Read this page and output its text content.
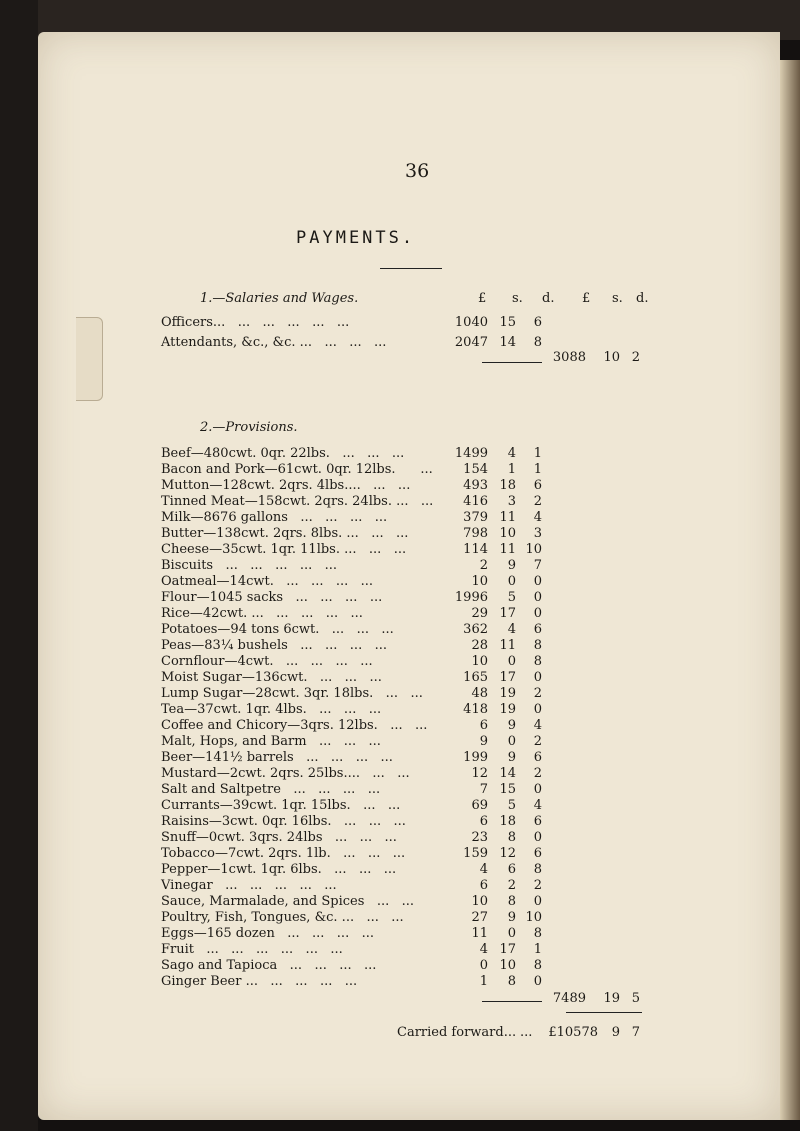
36
PAYMENTS.
1.—Salaries and Wages.	£ s. d. £ s. d.
Officers...   ...   ...   ...   ...   ...	1040 15	6
Attendants, &c., &c. ...   ...   ...   ...	2047 14	8
3088	10 2
2.—Provisions.
Beef—480cwt. 0qr. 22lbs.   ...   ...   ...	1499	4	1
Bacon and Pork—61cwt. 0qr. 12lbs.      ...	154	1	1
Mutton—128cwt. 2qrs. 4lbs....   ...   ...	493 18	6
Tinned Meat—158cwt. 2qrs. 24lbs. ...   ...	416	3	2
Milk—8676 gallons   ...   ...   ...   ...	379 11	4
Butter—138cwt. 2qrs. 8lbs. ...   ...   ...	798 10	3
Cheese—35cwt. 1qr. 11lbs. ...   ...   ...	114 11 10
Biscuits   ...   ...   ...   ...   ...	2	9	7
Oatmeal—14cwt.   ...   ...   ...   ...	10	0	0
Flour—1045 sacks   ...   ...   ...   ...	1996	5	0
Rice—42cwt. ...   ...   ...   ...   ...	29 17	0
Potatoes—94 tons 6cwt.   ...   ...   ...	362	4	6
Peas—83¼ bushels   ...   ...   ...   ...	28 11	8
Cornflour—4cwt.   ...   ...   ...   ...	10	0	8
Moist Sugar—136cwt.   ...   ...   ...	165 17	0
Lump Sugar—28cwt. 3qr. 18lbs.   ...   ...	48 19	2
Tea—37cwt. 1qr. 4lbs.   ...   ...   ...	418 19	0
Coffee and Chicory—3qrs. 12lbs.   ...   ...	6	9	4
Malt, Hops, and Barm   ...   ...   ...	9	0	2
Beer—141½ barrels   ...   ...   ...   ...	199	9	6
Mustard—2cwt. 2qrs. 25lbs....   ...   ...	12 14	2
Salt and Saltpetre   ...   ...   ...   ...	7 15	0
Currants—39cwt. 1qr. 15lbs.   ...   ...	69	5	4
Raisins—3cwt. 0qr. 16lbs.   ...   ...   ...	6 18	6
Snuff—0cwt. 3qrs. 24lbs   ...   ...   ...	23	8	0
Tobacco—7cwt. 2qrs. 1lb.   ...   ...   ...	159 12	6
Pepper—1cwt. 1qr. 6lbs.   ...   ...   ...	4	6	8
Vinegar   ...   ...   ...   ...   ...	6	2	2
Sauce, Marmalade, and Spices   ...   ...	10	8	0
Poultry, Fish, Tongues, &c. ...   ...   ...	27	9 10
Eggs—165 dozen   ...   ...   ...   ...	11	0	8
Fruit   ...   ...   ...   ...   ...   ...	4 17	1
Sago and Tapioca   ...   ...   ...   ...	0 10	8
Ginger Beer ...   ...   ...   ...   ...	1	8	0
7489	19 5
Carried forward... ...	£10578	9 7
